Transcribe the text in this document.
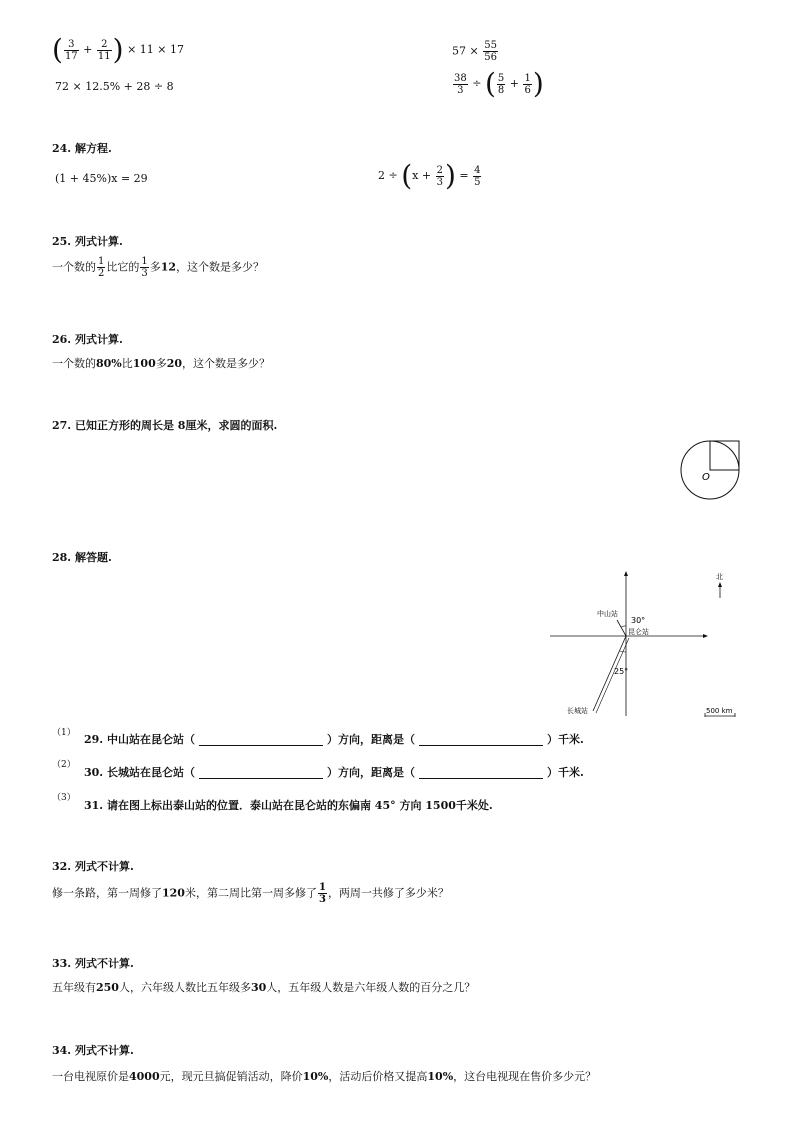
( $\frac{3}{17} + \frac{2}{11}$ ) × 11 × 17
72 × 12.5% + 28 ÷ 8
$57 \times \frac{55}{56}$
$\frac{38}{3}$ ÷ ( $\frac{5}{8} + \frac{1}{6}$ )
24. 解方程.
(1 + 45%)x = 29	$2 \div (x + \frac{2}{3}$ ) = $\frac{4}{5}$
25. 列式计算.
一个数的 $\frac{1}{2}$ 比它的 $\frac{1}{3}$ 多12，这个数是多少？
26. 列式计算.
一个数的80%比100多20，这个数是多少？
27. 已知正方形的周长是 8厘米，求圆的面积.
O
28. 解答题.
中山站
30°
昆仑站
25°
长城站
北
500 km
（1） 29. 中山站在昆仑站（	）方向，距离是（	）千米.
（2）
30. 长城站在昆仑站（	）方向，距离是（	）千米.
（3）
31. 请在图上标出泰山站的位置．泰山站在昆仑站的东偏南 45° 方向 1500千米处.
32. 列式不计算.
修一条路，第一周修了120米，第二周比第一周多修了 $\frac{1}{3}$ ，两周一共修了多少米？
33. 列式不计算.
五年级有250人，六年级人数比五年级多30人，五年级人数是六年级人数的百分之几？
34. 列式不计算.
一台电视原价是4000元，现元旦搞促销活动，降价10%，活动后价格又提高10%，这台电视现在售价多少元？
